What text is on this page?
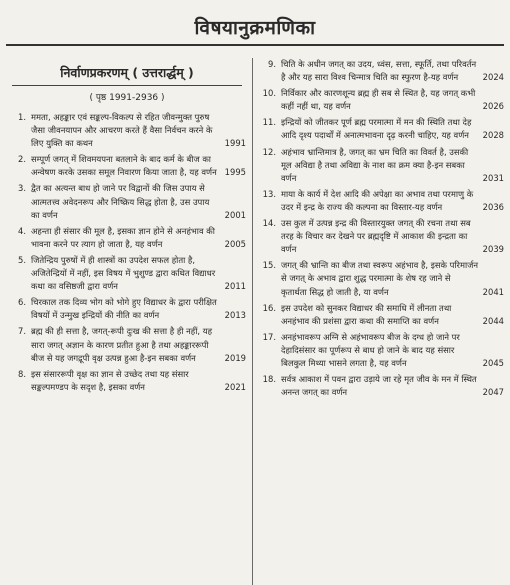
विषयानुक्रमणिका
निर्वाणप्रकरणम् ( उत्तरार्द्धम् )
( पृष्ठ 1991-2936 )
1. ममता, अहङ्कार एवं सङ्कल्प-विकल्प से रहित जीवन्मुक्त पुरुष जैसा जीवनयापन और आचरण करते हैं वैसा निर्वचन करने के लिए युक्ति का कथन	1991
2. सम्पूर्ण जगत् में शिवमयपना बतलाने के बाद कर्म के बीज का अन्वेषण करके उसका समूल निवारण किया जाता है, यह वर्णन 1995
3. द्वैत का अत्यन्त बाध हो जाने पर विद्वानों की जिस उपाय से आत्मतत्त्व अवेदनरूप और निष्क्रिय सिद्ध होता है, उस उपाय का वर्णन	2001
4. अहन्ता ही संसार की मूल है, इसका ज्ञान होने से अनहंभाव की भावना करने पर त्याग हो जाता है, यह वर्णन	2005
5. जितेन्द्रिय पुरुषों में ही शास्त्रों का उपदेश सफल होता है, अजितेन्द्रियों में नहीं, इस विषय में भुशुण्ड द्वारा कथित विद्याधर कथा का वसिष्ठजी द्वारा वर्णन	2011
6. चिरकाल तक दिव्य भोग को भोगे हुए विद्याधर के द्वारा परीक्षित विषयों में उन्मुख इन्द्रियों की नीति का वर्णन	2013
7. ब्रह्म की ही सत्ता है, जगत्-रूपी दुःख की सत्ता है ही नहीं, यह सारा जगत् अज्ञान के कारण प्रतीत हुआ है तथा अहङ्काररूपी बीज से यह जगद्रूपी वृक्ष उत्पन्न हुआ है-इन सबका वर्णन	2019
8. इस संसाररूपी वृक्ष का ज्ञान से उच्छेद तथा यह संसार सङ्कल्पमण्डप के सदृश है, इसका वर्णन	2021
9. चिति के अधीन जगत् का उदय, ध्वंस, सत्ता, स्फूर्ति, तथा परिवर्तन है और यह सारा विश्व चिन्मात्र चिति का स्फुरण है-यह वर्णन	2024
10. निर्विकार और कारणशून्य ब्रह्म ही सब से स्थित है, यह जगत् कभी कहीं नहीं था, यह वर्णन	2026
11. इन्द्रियों को जीतकर पूर्ण ब्रह्म परमात्मा में मन की स्थिति तथा देह आदि दृश्य पदार्थों में अनात्मभावना दृढ़ करनी चाहिए, यह वर्णन	2028
12. अहंभाव भ्रान्तिमात्र है, जगत् का भ्रम चिति का विवर्त है, उसकी मूल अविद्या है तथा अविद्या के नाश का क्रम क्या है-इन सबका वर्णन	2031
13. माया के कार्य में देश आदि की अपेक्षा का अभाव तथा परमाणु के उदर में इन्द्र के राज्य की कल्पना का विस्तार-यह वर्णन	2036
14. उस कुल में उत्पन्न इन्द्र की विस्तारयुक्त जगत् की रचना तथा सब तरह के विचार कर देखने पर ब्रह्मदृष्टि में आकाश की इन्द्रता का वर्णन	2039
15. जगत् की भ्रान्ति का बीज तथा स्वरूप अहंभाव है, इसके परिमार्जन से जगत् के अभाव द्वारा शुद्ध परमात्मा के शेष रह जाने से कृतार्थता सिद्ध हो जाती है, या वर्णन	2041
16. इस उपदेश को सुनकर विद्याधर की समाधि में लीनता तथा अनहंभाव की प्रशंसा द्वारा कथा की समाप्ति का वर्णन	2044
17. अनहंभावरूप अग्नि से अहंभावरूप बीज के दग्ध हो जाने पर देहादिसंसार का पूर्णरूप से बाध हो जाने के बाद यह संसार बिलकुल मिथ्या भासने लगता है, यह वर्णन	2045
18. सर्वत्र आकाश में पवन द्वारा उड़ाये जा रहे मृत जीव के मन में स्थित अनन्त जगत् का वर्णन	2047
